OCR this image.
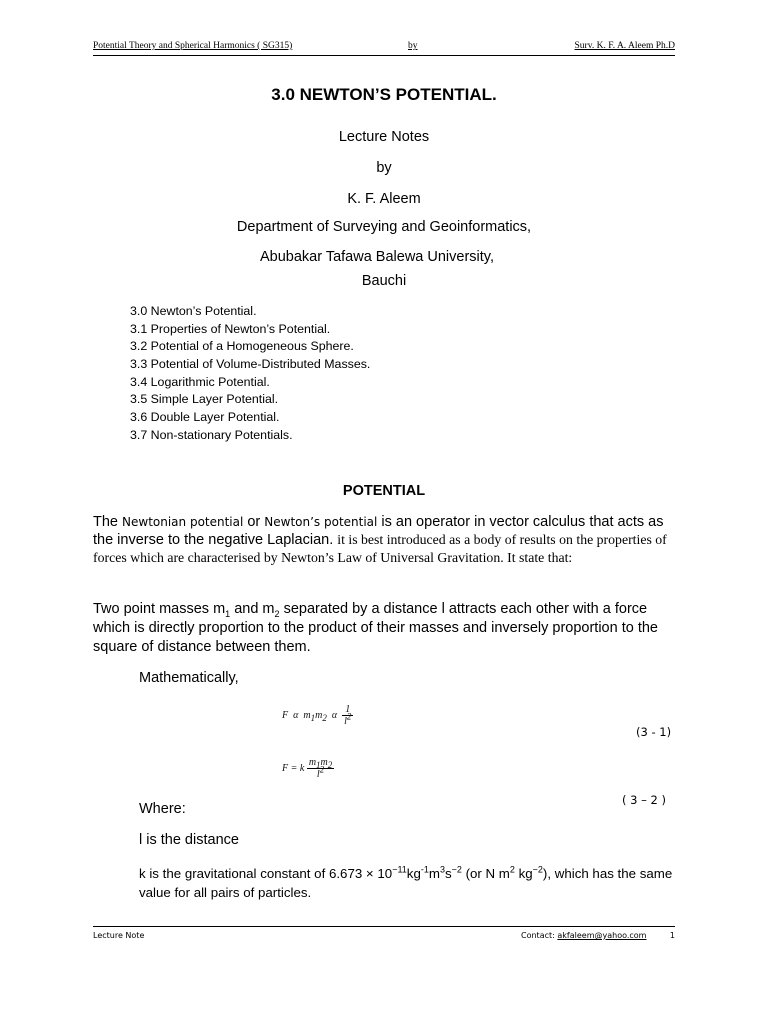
Potential Theory and Spherical Harmonics ( SG315)	by	Surv. K. F. A. Aleem Ph.D
3.0 NEWTON’S POTENTIAL.
Lecture Notes
by
K. F. Aleem
Department of Surveying and Geoinformatics,
Abubakar Tafawa Balewa University,
Bauchi
3.0 Newton’s Potential.
3.1 Properties of Newton’s Potential.
3.2 Potential of a Homogeneous Sphere.
3.3 Potential of Volume-Distributed Masses.
3.4 Logarithmic Potential.
3.5 Simple Layer Potential.
3.6 Double Layer Potential.
3.7 Non-stationary Potentials.
POTENTIAL
The Newtonian potential or Newton’s potential is an operator in vector calculus that acts as the inverse to the negative Laplacian. it is best introduced as a body of results on the properties of forces which are characterised by Newton’s Law of Universal Gravitation. It state that:
Two point masses $m_1$ and $m_2$ separated by a distance l attracts each other with a force which is directly proportion to the product of their masses and inversely proportion to the square of distance between them.
Mathematically,
F α $m_1m_2$ α $\frac{1}{l^2}$
(3 - 1)
F = k $\frac{m_1m_2}{l^2}$
( 3 – 2 )
Where:
l is the distance
k is the gravitational constant of $6.673 \times 10^{-11}kg^{-1}m^3s^{-2}$ (or N $m^2$ $kg^{-2}$), which has the same value for all pairs of particles.
Lecture Note	Contact: akfaleem@yahoo.com	1
